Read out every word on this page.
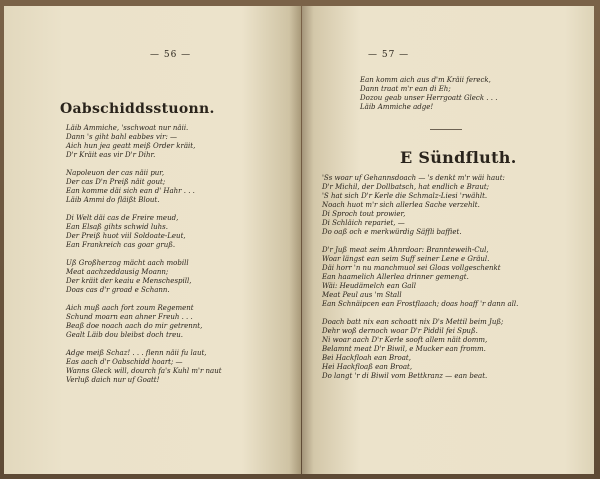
— 56 —
Oabschiddsstuonn.
Läib Ammiche, 'sschwoat nur näii.
Dann 's giht bahl eabbes vir: —
Aich hun jea geatt meiß Order kräit,
D'r Kräit eas vir D'r Dihr.
Napoleuon der cas näii pur,
Der cas D'n Preiß näit gout;
Ean komme däi sich ean d' Hahr . . .
Läib Ammi do fläißt Blout.
Di Welt däi cas de Freire meud,
Ean Elsaß gihts schwid luhs.
Der Preiß huot viil Soldoate-Leut,
Ean Frankreich cas goar gruß.
Uß Großherzog mächt aach mobill
Meat aachzeddausig Moann;
Der kräit der keaiu e Menschespill,
Doas cas d'r groad e Schann.
Aich muß aach fort zoum Regement
Schund moarn ean ahner Freuh . . .
Beaß doe noach aach do mir getrennt,
Gealt Läib dou bleibst doch treu.
Adge meiß Schaz! . . . flenn näii fu laut,
Eas aach d'r Oabschidd hoart; —
Wanns Gleck will, dourch fa's Kuhl m'r naut
Verluß daich nur uf Goatt!
— 57 —
Ean komm aich aus d'm Kräii fereck,
Dann traat m'r ean di Eh;
Dozou geab unser Herrgoatt Gleck . . .
Läib Ammiche adge!
E Sündfluth.
'Ss woar uf Gehannsdoach — 's denkt m'r wäi haut:
D'r Michil, der Dollbatsch, hat endlich e Braut;
'S hat sich D'r Kerle die Schmalz-Liesi 'rwählt.
Noach huot m'r sich allerlea Sache verzehlt.
Di Sproch tout prowier,
Di Schläich repariet, —
Do oaß och e merkwürdig Säffli baffiet.
D'r Juß meat seim Ahnrdoar: Brannteweih-Cul,
Woar längst ean seim Suff seiner Lene e Gräul.
Däi horr 'n nu manchmuol sei Gloas vollgeschenkt
Ean haamelich Allerlea drinner gemengt.
Wäi: Heudämelch ean Gall
Meat Peul aus 'm Stall
Ean Schnäipcen ean Frostflaach; doas hoaff 'r dann all.
Doach batt nix ean schoatt nix D's Mettil beim Juß;
Dehr woß dernoch woar D'r Piddil fei Spuß.
Ni woar aach D'r Kerle sooft allem näit domm,
Belamnt meat D'r Biwil, e Mucker ean fromm.
Bei Hackfloah ean Broat,
Hei Hackfloaß ean Broat,
Do langt 'r di Biwil vom Bettkranz — ean beat.
